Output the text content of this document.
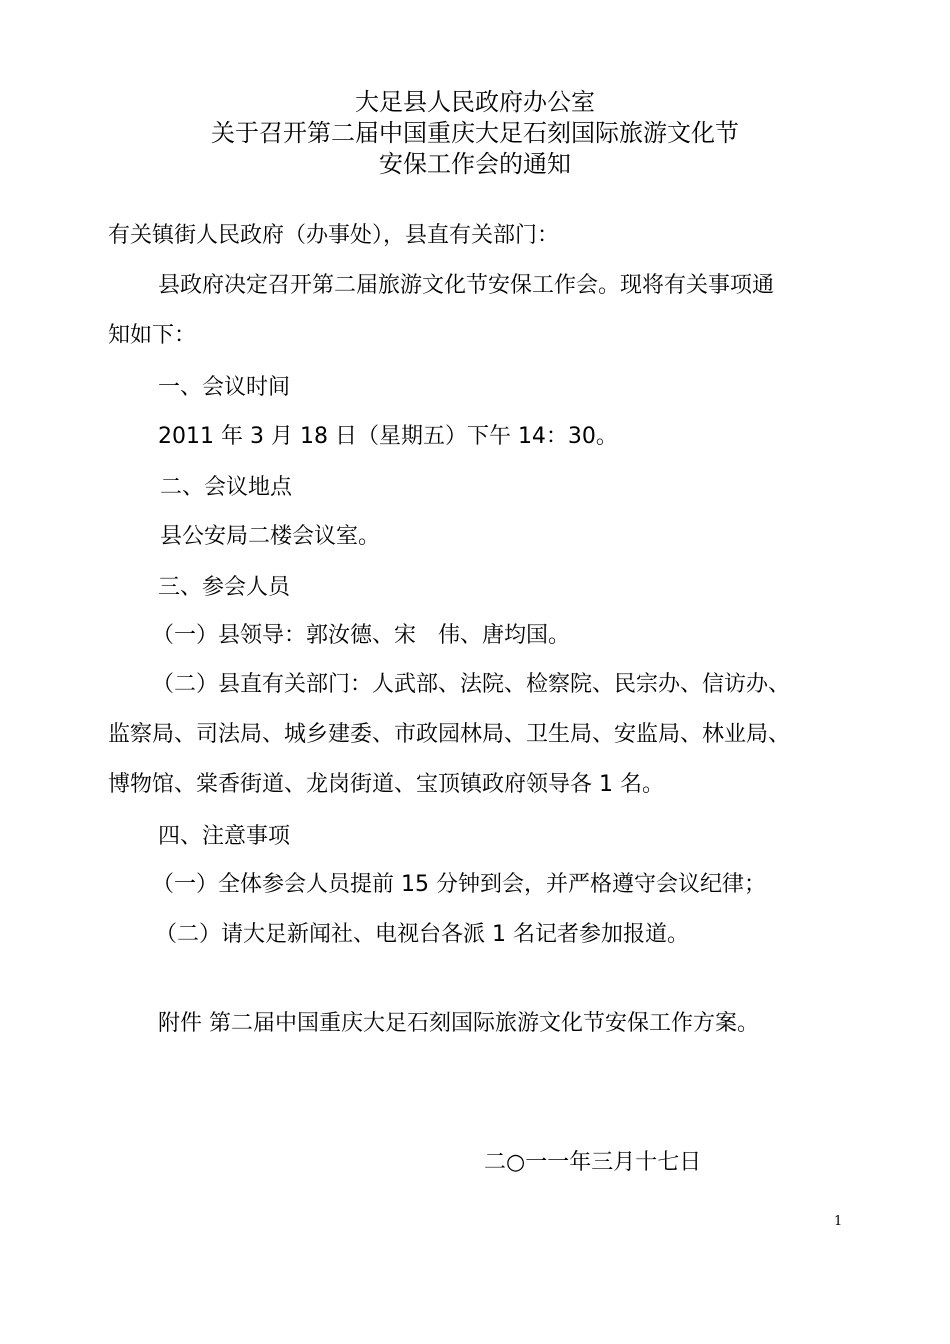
大足县人民政府办公室
关于召开第二届中国重庆大足石刻国际旅游文化节
安保工作会的通知
有关镇街人民政府（办事处），县直有关部门：
县政府决定召开第二届旅游文化节安保工作会。现将有关事项通
知如下：
一、会议时间
2011 年 3 月 18 日（星期五）下午 14：30。
二、会议地点
县公安局二楼会议室。
三、参会人员
（一）县领导：郭汝德、宋　伟、唐均国。
（二）县直有关部门：人武部、法院、检察院、民宗办、信访办、
监察局、司法局、城乡建委、市政园林局、卫生局、安监局、林业局、
博物馆、棠香街道、龙岗街道、宝顶镇政府领导各 1 名。
四、注意事项
（一）全体参会人员提前 15 分钟到会，并严格遵守会议纪律；
（二）请大足新闻社、电视台各派 1 名记者参加报道。
附件 第二届中国重庆大足石刻国际旅游文化节安保工作方案。
二○一一年三月十七日
1
